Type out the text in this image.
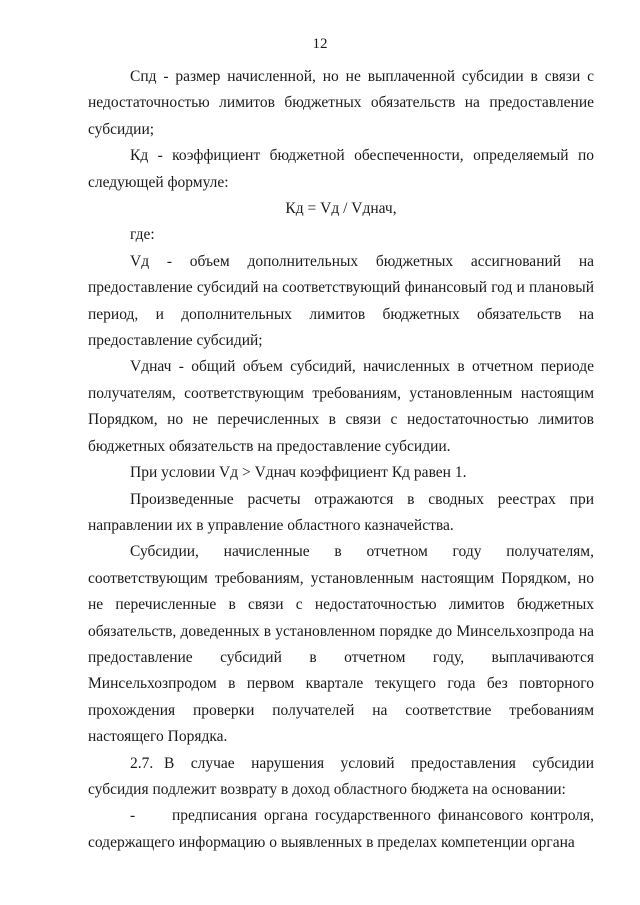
12

Спд - размер начисленной, но не выплаченной субсидии в связи с недостаточностью лимитов бюджетных обязательств на предоставление субсидии;

Кд - коэффициент бюджетной обеспеченности, определяемый по следующей формуле:

Кд = Vд / Vднач,

где:

Vд - объем дополнительных бюджетных ассигнований на предоставление субсидий на соответствующий финансовый год и плановый период, и дополнительных лимитов бюджетных обязательств на предоставление субсидий;

Vднач - общий объем субсидий, начисленных в отчетном периоде получателям, соответствующим требованиям, установленным настоящим Порядком, но не перечисленных в связи с недостаточностью лимитов бюджетных обязательств на предоставление субсидии.

При условии Vд > Vднач коэффициент Кд равен 1.

Произведенные расчеты отражаются в сводных реестрах при направлении их в управление областного казначейства.

Субсидии, начисленные в отчетном году получателям, соответствующим требованиям, установленным настоящим Порядком, но не перечисленные в связи с недостаточностью лимитов бюджетных обязательств, доведенных в установленном порядке до Минсельхозпрода на предоставление субсидий в отчетном году, выплачиваются Минсельхозпродом в первом квартале текущего года без повторного прохождения проверки получателей на соответствие требованиям настоящего Порядка.

2.7. В случае нарушения условий предоставления субсидии субсидия подлежит возврату в доход областного бюджета на основании:

- предписания органа государственного финансового контроля, содержащего информацию о выявленных в пределах компетенции органа
